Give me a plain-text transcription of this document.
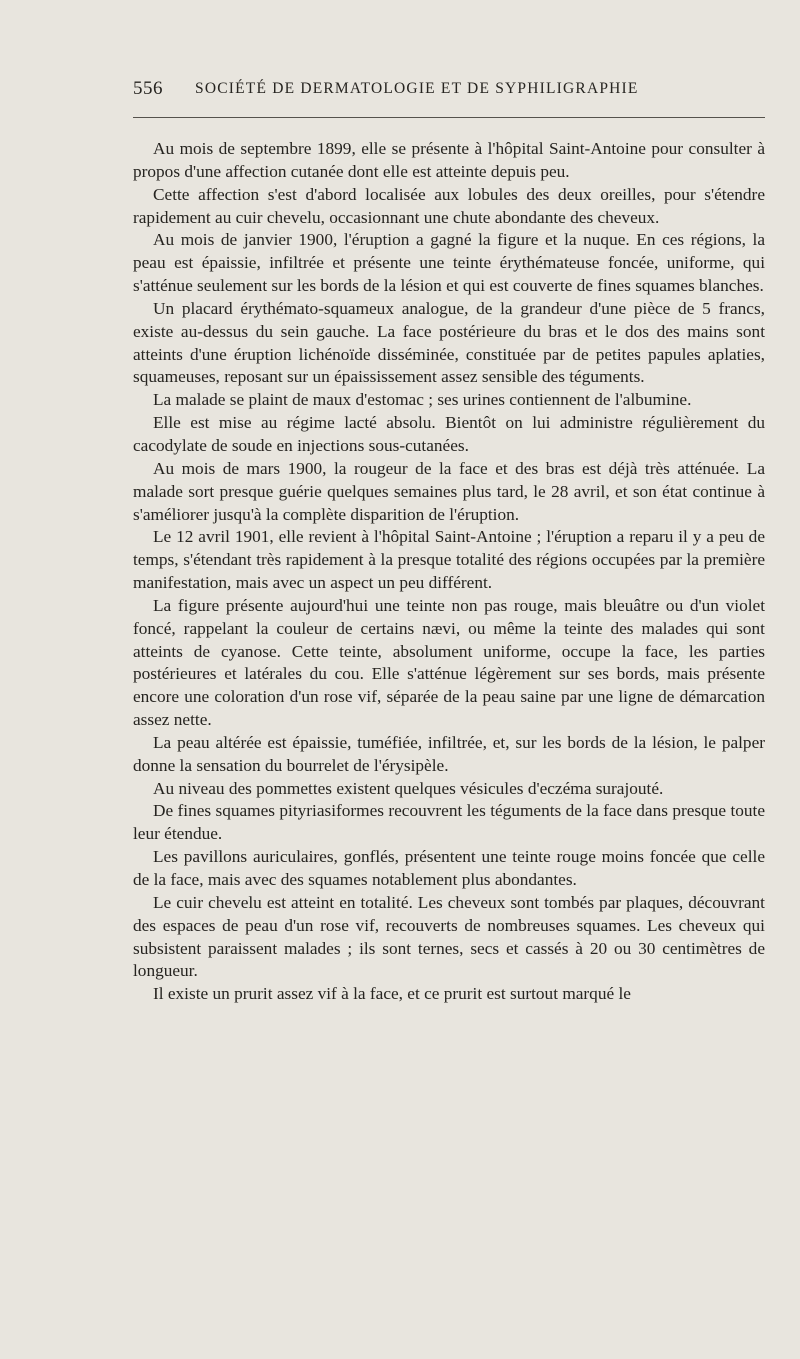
556 SOCIÉTÉ DE DERMATOLOGIE ET DE SYPHILIGRAPHIE

Au mois de septembre 1899, elle se présente à l'hôpital Saint-Antoine pour consulter à propos d'une affection cutanée dont elle est atteinte depuis peu.

Cette affection s'est d'abord localisée aux lobules des deux oreilles, pour s'étendre rapidement au cuir chevelu, occasionnant une chute abondante des cheveux.

Au mois de janvier 1900, l'éruption a gagné la figure et la nuque. En ces régions, la peau est épaissie, infiltrée et présente une teinte érythémateuse foncée, uniforme, qui s'atténue seulement sur les bords de la lésion et qui est couverte de fines squames blanches.

Un placard érythémato-squameux analogue, de la grandeur d'une pièce de 5 francs, existe au-dessus du sein gauche. La face postérieure du bras et le dos des mains sont atteints d'une éruption lichénoïde disséminée, constituée par de petites papules aplaties, squameuses, reposant sur un épaississement assez sensible des téguments.

La malade se plaint de maux d'estomac ; ses urines contiennent de l'albumine.

Elle est mise au régime lacté absolu. Bientôt on lui administre régulièrement du cacodylate de soude en injections sous-cutanées.

Au mois de mars 1900, la rougeur de la face et des bras est déjà très atténuée. La malade sort presque guérie quelques semaines plus tard, le 28 avril, et son état continue à s'améliorer jusqu'à la complète disparition de l'éruption.

Le 12 avril 1901, elle revient à l'hôpital Saint-Antoine ; l'éruption a reparu il y a peu de temps, s'étendant très rapidement à la presque totalité des régions occupées par la première manifestation, mais avec un aspect un peu différent.

La figure présente aujourd'hui une teinte non pas rouge, mais bleuâtre ou d'un violet foncé, rappelant la couleur de certains nævi, ou même la teinte des malades qui sont atteints de cyanose. Cette teinte, absolument uniforme, occupe la face, les parties postérieures et latérales du cou. Elle s'atténue légèrement sur ses bords, mais présente encore une coloration d'un rose vif, séparée de la peau saine par une ligne de démarcation assez nette.

La peau altérée est épaissie, tuméfiée, infiltrée, et, sur les bords de la lésion, le palper donne la sensation du bourrelet de l'érysipèle.

Au niveau des pommettes existent quelques vésicules d'eczéma surajouté.

De fines squames pityriasiformes recouvrent les téguments de la face dans presque toute leur étendue.

Les pavillons auriculaires, gonflés, présentent une teinte rouge moins foncée que celle de la face, mais avec des squames notablement plus abondantes.

Le cuir chevelu est atteint en totalité. Les cheveux sont tombés par plaques, découvrant des espaces de peau d'un rose vif, recouverts de nombreuses squames. Les cheveux qui subsistent paraissent malades ; ils sont ternes, secs et cassés à 20 ou 30 centimètres de longueur.

Il existe un prurit assez vif à la face, et ce prurit est surtout marqué le
